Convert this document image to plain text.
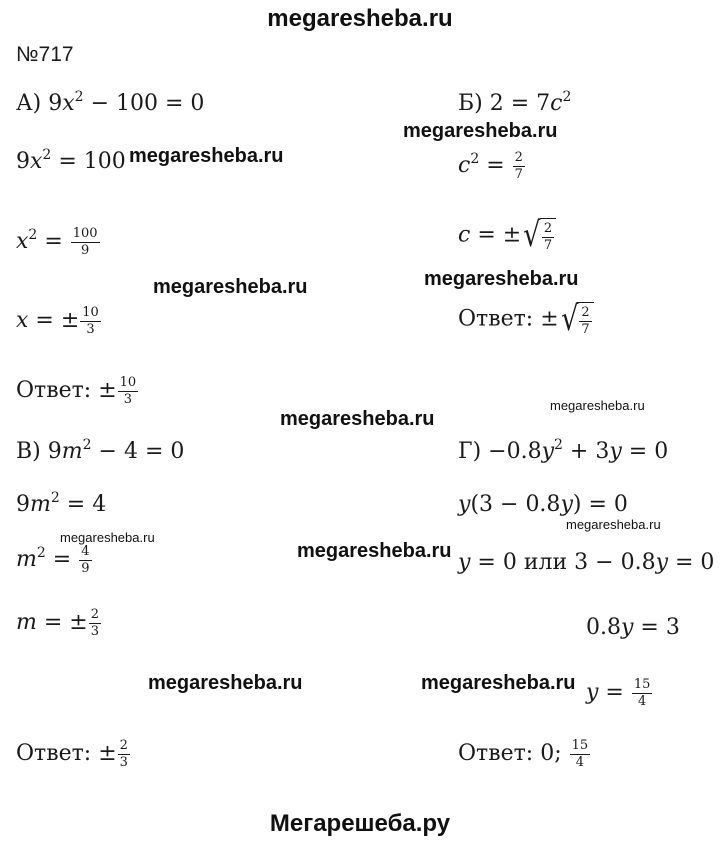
megaresheba.ru
Мегарешеба.ру
№717
megaresheba.ru
megaresheba.ru
megaresheba.ru
megaresheba.ru
megaresheba.ru
megaresheba.ru
megaresheba.ru	megaresheba.ru
megaresheba.ru
megaresheba.ru
megaresheba.ru
А) $9x^2 - 100 = 0$
$9x^2 = 100$
$x^2 = \frac{100}{9}$
x = ± $\frac{10}{3}$
Ответ: ± $\frac{10}{3}$
Б) $2 = 7c^2$
$c^2 = \frac{2}{7}$
c = ± √ 2
7
Ответ: ± √ 2
7
В) $9m^2 - 4 = 0$
$9m^2 = 4$
$m^2 = \frac{4}{9}$
m = ± $\frac{2}{3}$
Ответ: ± $\frac{2}{3}$
$Г) -0.8y^2 + 3y = 0$
y(3 − 0.8y) = 0
y = 0 или 3 − 0.8y = 0
0.8y = 3
$y = \frac{15}{4}$
Ответ: 0; $\frac{15}{4}$
